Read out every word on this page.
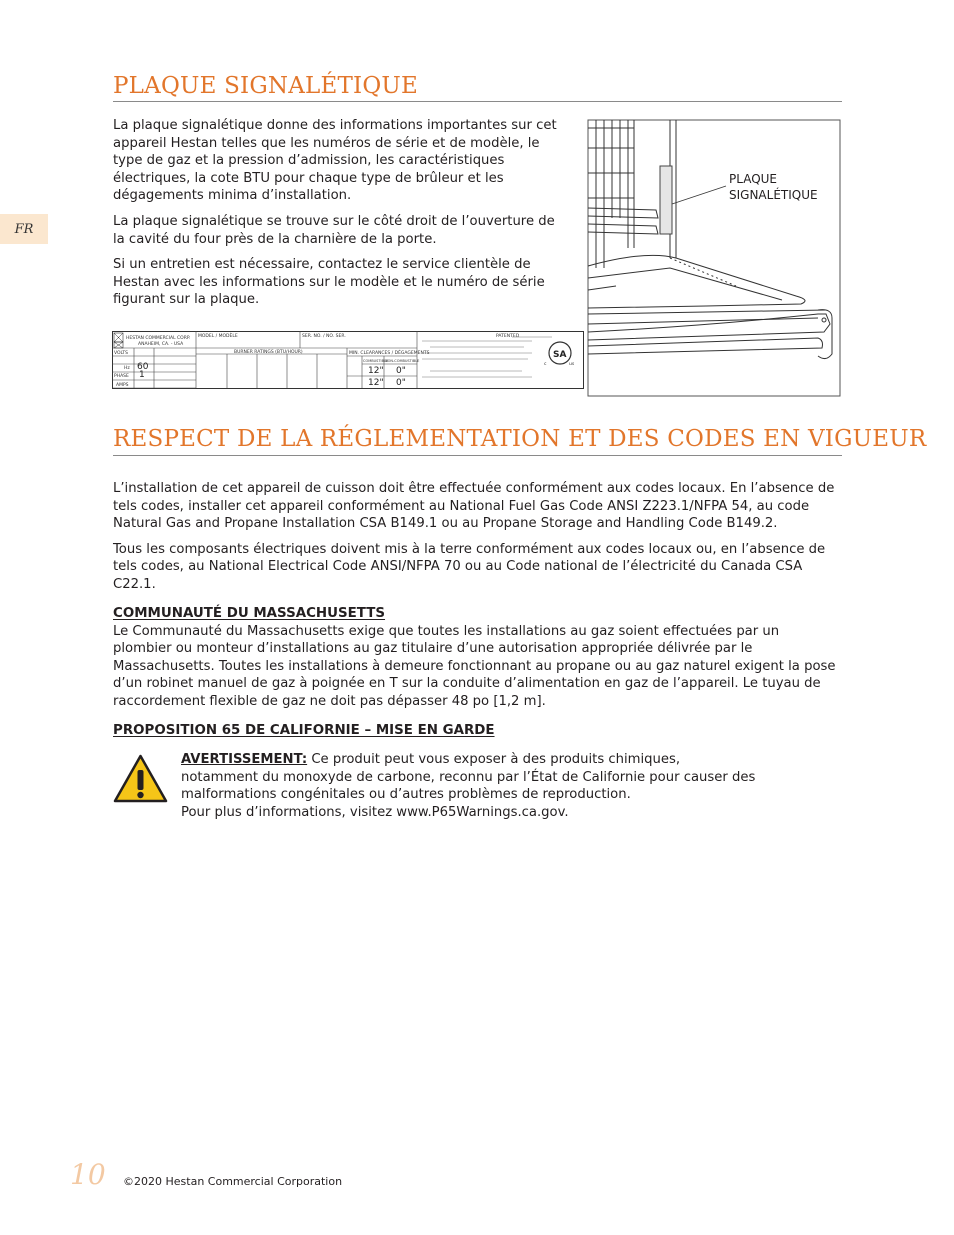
FR
PLAQUE SIGNALÉTIQUE

La plaque signalétique donne des informations importantes sur cet appareil Hestan telles que les numéros de série et de modèle, le type de gaz et la pression d’admission, les caractéristiques électriques, la cote BTU pour chaque type de brûleur et les dégagements minima d’installation.

La plaque signalétique se trouve sur le côté droit de l’ouverture de la cavité du four près de la charnière de la porte.

Si un entretien est nécessaire, contactez le service clientèle de Hestan avec les informations sur le modèle et le numéro de série figurant sur la plaque.

PLAQUE
SIGNALÉTIQUE
HESTAN COMMERCIAL CORP.
ANAHEIM, CA. - USA
MODEL / MODÈLE	SER. NO. / NO. SER.
VOLTS
Hz 60
PHASE 1
AMPS
BURNER RATINGS (BTU/HOUR)	MIN. CLEARANCES / DÉGAGEMENTS
COMBUSTIBLE
NON-COMBUSTIBLE
12" 0"
12" 0"
PATENTED
SA
c	us
RESPECT DE LA RÉGLEMENTATION ET DES CODES EN VIGUEUR

L’installation de cet appareil de cuisson doit être effectuée conformément aux codes locaux. En l’absence de tels codes, installer cet appareil conformément au National Fuel Gas Code ANSI Z223.1/NFPA 54, au code Natural Gas and Propane Installation CSA B149.1 ou au Propane Storage and Handling Code B149.2.

Tous les composants électriques doivent mis à la terre conformément aux codes locaux ou, en l’absence de tels codes, au National Electrical Code ANSI/NFPA 70 ou au Code national de l’électricité du Canada CSA C22.1.

COMMUNAUTÉ DU MASSACHUSETTS

Le Communauté du Massachusetts exige que toutes les installations au gaz soient effectuées par un plombier ou monteur d’installations au gaz titulaire d’une autorisation appropriée délivrée par le Massachusetts. Toutes les installations à demeure fonctionnant au propane ou au gaz naturel exigent la pose d’un robinet manuel de gaz à poignée en T sur la conduite d’alimentation en gaz de l’appareil. Le tuyau de raccordement flexible de gaz ne doit pas dépasser 48 po [1,2 m].

PROPOSITION 65 DE CALIFORNIE – MISE EN GARDE

AVERTISSEMENT: Ce produit peut vous exposer à des produits chimiques, notamment du monoxyde de carbone, reconnu par l’État de Californie pour causer des malformations congénitales ou d’autres problèmes de reproduction.

Pour plus d’informations, visitez www.P65Warnings.ca.gov.

10 ©2020 Hestan Commercial Corporation
